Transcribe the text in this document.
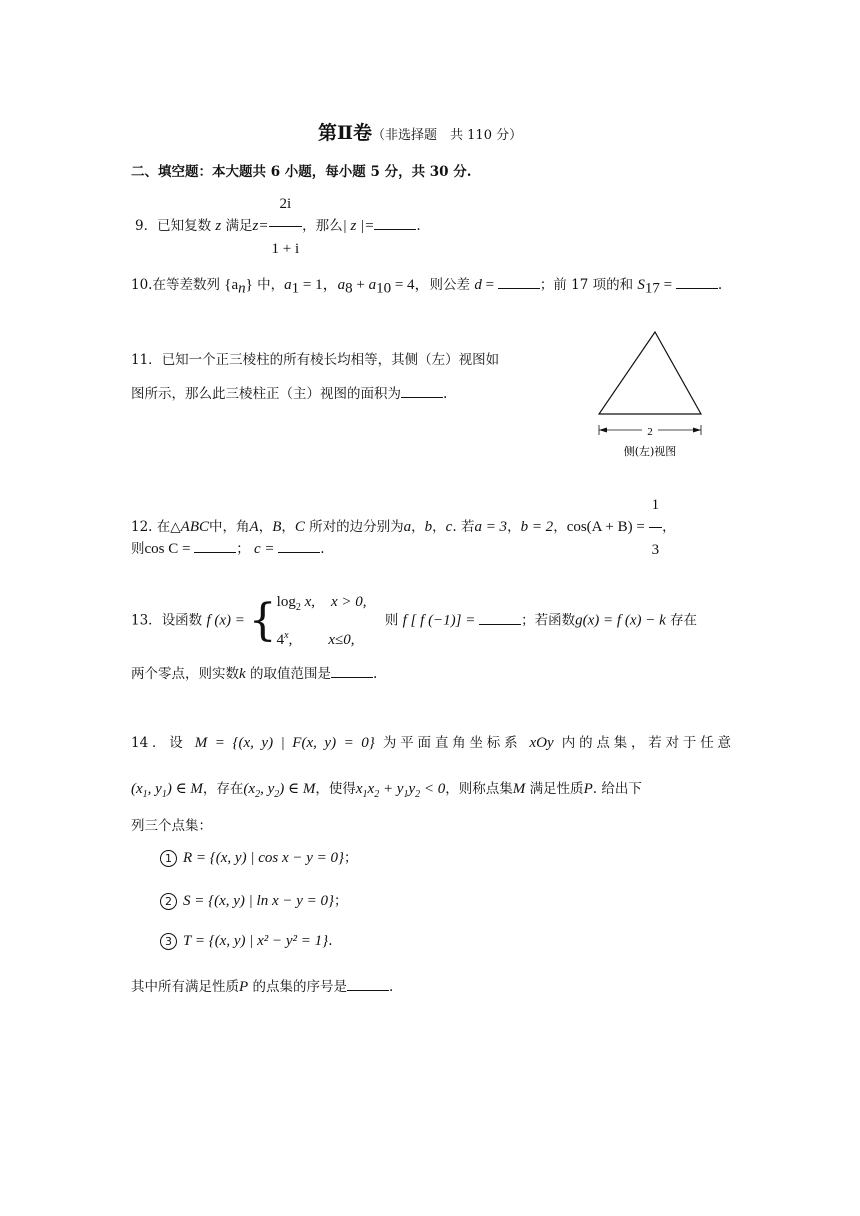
第Ⅱ卷（非选择题　共 110 分）
二、填空题：本大题共 6 小题，每小题 5 分，共 30 分.
9．已知复数 z 满足$z= \frac{2i}{1 + i}$ ，那么| z |=	.
10.在等差数列 $\{a_n\}$ 中，$a_1 = 1$，$a_8 + a_{10} = 4$，则公差 d =	；前 17 项的和 $S_{17}$ =	.
11．已知一个正三棱柱的所有棱长均相等，其侧（左）视图如
图所示，那么此三棱柱正（主）视图的面积为	.
2
侧(左)视图
12. 在△ABC中，角A，B，C 所对的边分别为a，b，c. 若a = 3，b = 2，$\cos(A + B) = \frac{1}{3}$ ，
则cos C =	； c =	.
13．设函数 f (x) = { $\log_2 x$, x > 0,
4$^x$, x≤0,
则 f [ f (−1)] =	；若函数g(x) = f (x) − k 存在
两个零点，则实数k 的取值范围是	.
14．设 M = {(x, y) | F(x, y) = 0} 为平面直角坐标系 xOy 内的点集，若对于任意
($x_1$, $y_1$) ∈ M，存在($x_2$, $y_2$) ∈ M，使得$x_1x_2 + y_1y_2 < 0$，则称点集M 满足性质P. 给出下
列三个点集：
1 R = {(x, y) | cos x − y = 0}；
2 S = {(x, y) | ln x − y = 0}；
3 T = {(x, y) | x² − y² = 1}.
其中所有满足性质P 的点集的序号是	.
